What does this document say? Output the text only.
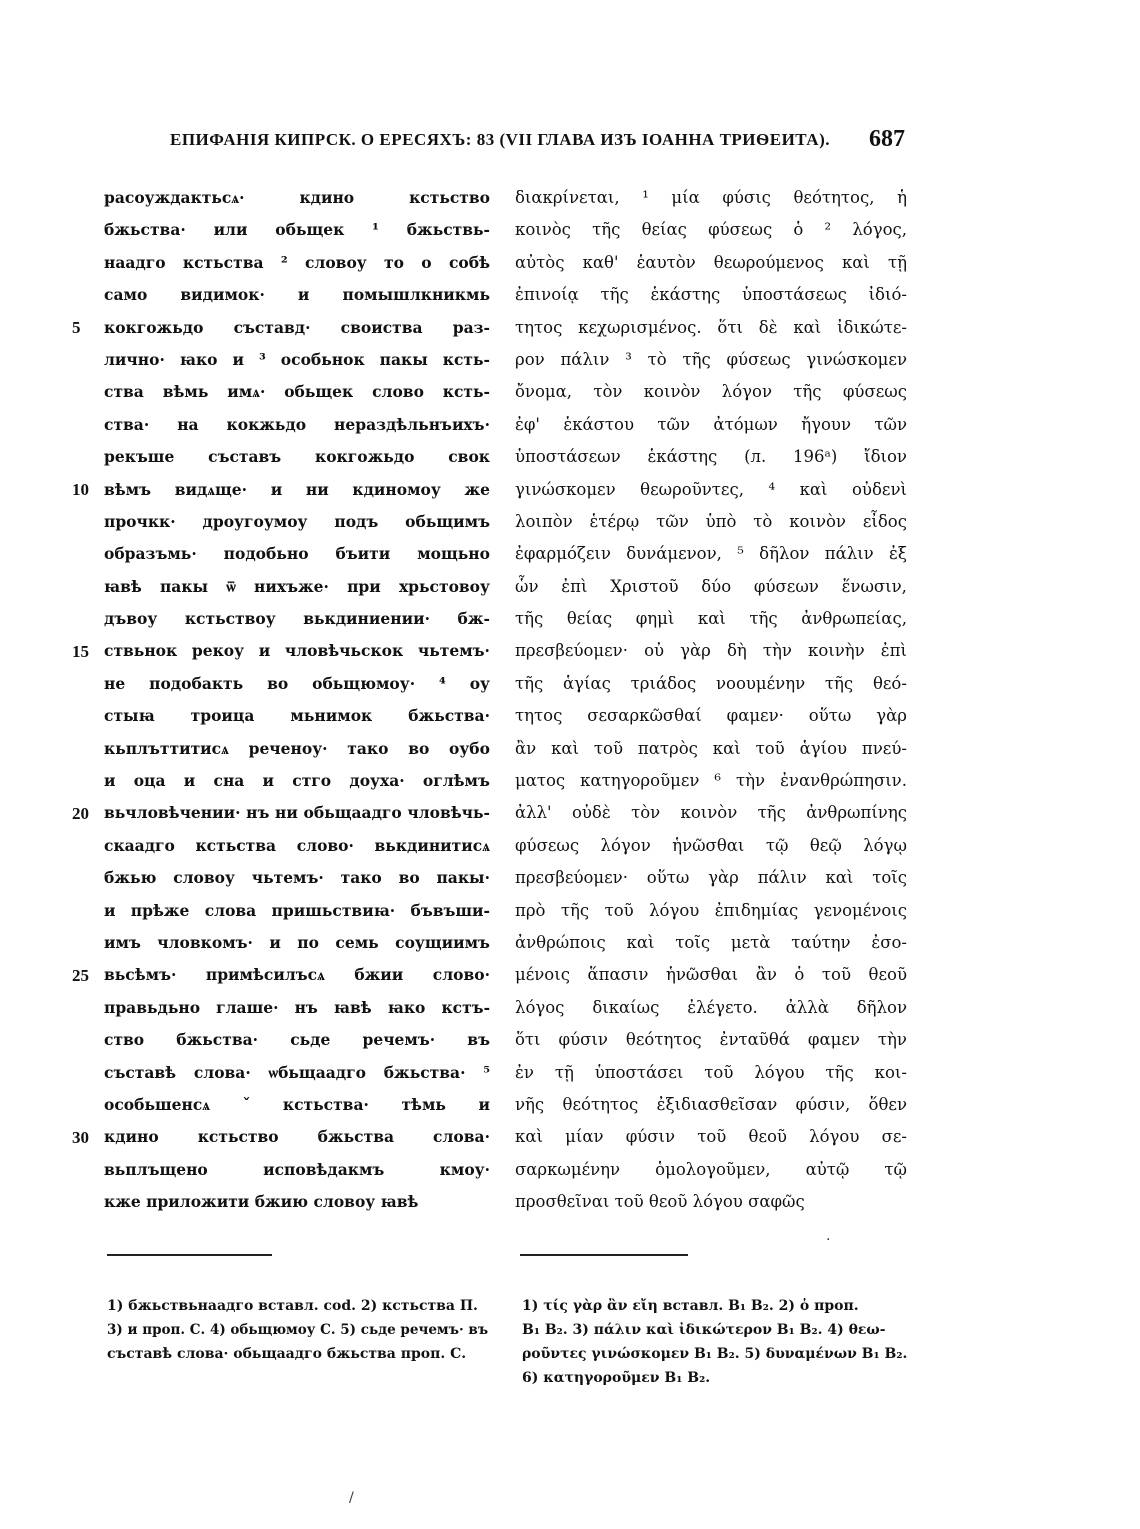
ЕПИФАНІЯ КИПРСК. О ЕРЕСЯХЪ: 83 (VII ГЛАВА ИЗЪ ІОАННА ТРИѲЕИТА). 687
5
10
15
20
25
30
расоуждактьсѧ·	кдино	кстьство
бжьства· или обьщек ¹ бжьствь-
наадго кстьства ² словоу то о собѣ
само видимок· и помышлкникмь
кокгожьдо съставд· своиства раз-
лично· ꙗко и ³ особьнок пакы ксть-
ства вѣмь имѧ· обьщек слово ксть-
ства· на кокжьдо нераздѣльнъихъ·
рекъше съставъ кокгожьдо свок
вѣмъ видѧще· и ни кдиномоу же
прочкк· дроугоумоу подъ обьщимъ
образъмь· подобьно бъити мощьно
ꙗвѣ пакы ѿ нихъже· при хрьстовоу
дъвоу кстьствоу вькдиниении· бж-
ствьнок рекоу и чловѣчьскок чьтемъ·
не подобакть во обьщюмоу· ⁴ оу
стыꙗ троица мьнимок бжьства·
кьплъттитисѧ реченоу· тако во оубо
и оца и сна и стго доуха· оглѣмъ
вьчловѣчении· нъ ни обьщаадго чловѣчь-
скаадго кстьства слово· вькдинитисѧ
бжью словоу чьтемъ· тако во пакы·
и прѣже слова пришьствиꙗ· бъвъши-
имъ чловкомъ· и по семь соущиимъ
вьсѣмъ· примѣсилъсѧ бжии слово·
правьдьно глаше· нъ ꙗвѣ ꙗко кстъ-
ство бжьства· сьде речемъ· въ
съставѣ слова· ѡбьщаадго бжьства· ⁵
особьшенсѧ ˇ кстьства· тѣмь и
кдино	кстьство	бжьства	слова·
вьплъщено	исповѣдакмъ	кмоу·
кже приложити бжию словоу ꙗвѣ
διακρίνεται, ¹ μία φύσις θεότητος, ἡ
κοινὸς τῆς θείας φύσεως ὁ ² λόγος,
αὐτὸς καθ' ἑαυτὸν θεωρούμενος καὶ τῇ
ἐπινοίᾳ τῆς ἑκάστης ὑποστάσεως ἰδιό-
τητος κεχωρισμένος. ὅτι δὲ καὶ ἰδικώτε-
ρον πάλιν ³ τὸ τῆς φύσεως γινώσκομεν
ὄνομα, τὸν κοινὸν λόγον τῆς φύσεως
ἐφ' ἑκάστου τῶν ἀτόμων ἤγουν τῶν
ὑποστάσεων ἑκάστης (л. 196ᵃ) ἴδιον
γινώσκομεν θεωροῦντες, ⁴ καὶ οὐδενὶ
λοιπὸν ἑτέρῳ τῶν ὑπὸ τὸ κοινὸν εἶδος
ἐφαρμόζειν δυνάμενον, ⁵ δῆλον πάλιν ἐξ
ὧν ἐπὶ Χριστοῦ δύο φύσεων ἕνωσιν,
τῆς θείας φημὶ καὶ τῆς ἀνθρωπείας,
πρεσβεύομεν· οὐ γὰρ δὴ τὴν κοινὴν ἐπὶ
τῆς ἁγίας τριάδος νοουμένην τῆς θεό-
τητος σεσαρκῶσθαί φαμεν· οὕτω γὰρ
ἂν καὶ τοῦ πατρὸς καὶ τοῦ ἁγίου πνεύ-
ματος κατηγοροῦμεν ⁶ τὴν ἐνανθρώπησιν.
ἀλλ' οὐδὲ τὸν κοινὸν τῆς ἀνθρωπίνης
φύσεως λόγον ἡνῶσθαι τῷ θεῷ λόγῳ
πρεσβεύομεν· οὕτω γὰρ πάλιν καὶ τοῖς
πρὸ τῆς τοῦ λόγου ἐπιδημίας γενομένοις
ἀνθρώποις καὶ τοῖς μετὰ ταύτην ἐσο-
μένοις ἅπασιν ἡνῶσθαι ἂν ὁ τοῦ θεοῦ
λόγος δικαίως ἐλέγετο. ἀλλὰ δῆλον
ὅτι φύσιν θεότητος ἐνταῦθά φαμεν τὴν
ἐν τῇ ὑποστάσει τοῦ λόγου τῆς κοι-
νῆς θεότητος ἐξιδιασθεῖσαν φύσιν, ὅθεν
καὶ μίαν φύσιν τοῦ θεοῦ λόγου σε-
σαρκωμένην ὁμολογοῦμεν, αὐτῷ τῷ
προσθεῖναι τοῦ θεοῦ λόγου σαφῶς
1) бжьствьнаадго вставл. cod. 2) кстьства П.
3) и проп. С. 4) обьщюмоу С. 5) сьде речемъ· въ
съставѣ слова· обьщаадго бжьства проп. С.
1) τίς γὰρ ἂν εἴη вставл. B₁ B₂. 2) ὁ проп.
B₁ B₂. 3) πάλιν καὶ ἰδικώτερον B₁ B₂. 4) θεω-
ροῦντες γινώσκομεν B₁ B₂. 5) δυναμένων B₁ B₂.
6) κατηγοροῦμεν B₁ B₂.
·
/
